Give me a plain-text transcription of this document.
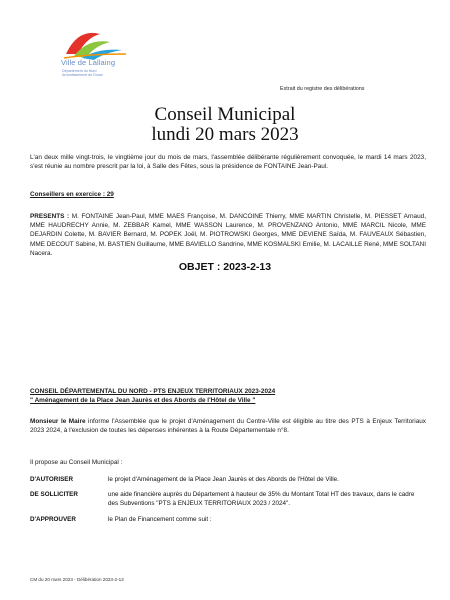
Ville de Lallaing
Département du Nord
Arrondissement de Douai
Extrait du registre des délibérations
Conseil Municipal
lundi 20 mars 2023
L'an deux mille vingt-trois, le vingtième jour du mois de mars, l'assemblée délibérante régulièrement convoquée, le mardi 14 mars 2023, s'est réunie au nombre prescrit par la loi, à Salle des Fêtes, sous la présidence de FONTAINE Jean-Paul.
Conseillers en exercice : 29
PRESENTS : M. FONTAINE Jean-Paul, MME MAES Françoise, M. DANCOINE Thierry, MME MARTIN Christelle, M. PIESSET Arnaud, MME HAUDRECHY Annie, M. ZEBBAR Kamel, MME WASSON Laurence, M. PROVENZANO Antonio, MME MARCIL Nicole, MME DEJARDIN Colette, M. BAVIER Bernard, M. POPEK Joël, M. PIOTROWSKI Georges, MME DEVIENE Saïda, M. FAUVEAUX Sébastien, MME DECOUT Sabine, M. BASTIEN Guillaume, MME BAVIELLO Sandrine, MME KOSMALSKI Emilie, M. LACAILLE René, MME SOLTANI Nacera.
OBJET : 2023-2-13
CONSEIL DÉPARTEMENTAL DU NORD - PTS ENJEUX TERRITORIAUX 2023-2024
" Aménagement de la Place Jean Jaurès et des Abords de l'Hôtel de Ville "
Monsieur le Maire informe l'Assemblée que le projet d'Aménagement du Centre-Ville est éligible au titre des PTS à Enjeux Territoriaux 2023 2024, à l'exclusion de toutes les dépenses inhérentes à la Route Départementale n°8.
Il propose au Conseil Municipal :
D'AUTORISER	le projet d'Aménagement de la Place Jean Jaurès et des Abords de l'Hôtel de Ville.
DE SOLLICITER	une aide financière auprès du Département à hauteur de 35% du Montant Total HT des travaux, dans le cadre des Subventions "PTS à ENJEUX TERRITORIAUX 2023 / 2024".
D'APPROUVER	le Plan de Financement comme suit :
CM du 20 mars 2023 - Délibération 2023-2-13
